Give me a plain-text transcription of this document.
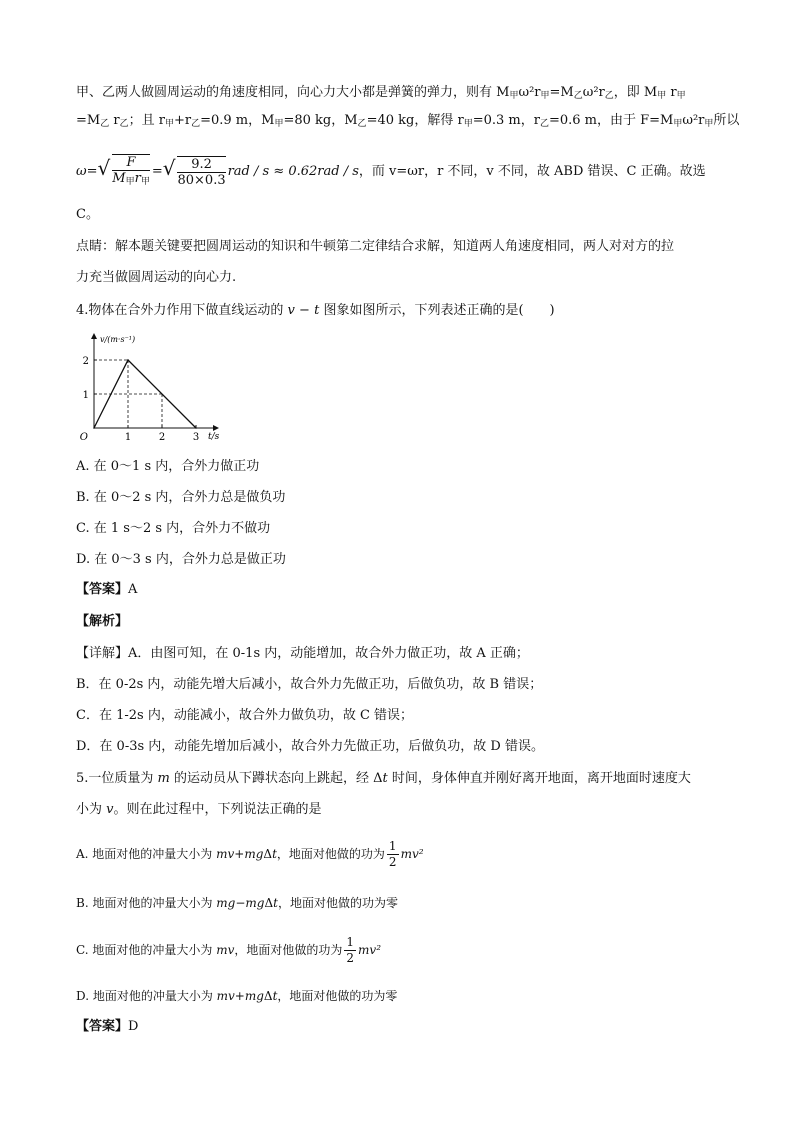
甲、乙两人做圆周运动的角速度相同，向心力大小都是弹簧的弹力，则有 $M_甲\omega^2r_甲=M_乙\omega^2r_乙$，即 $M_甲$ $r_甲$
$=M_乙$ $r_乙$；且 $r_甲+r_乙=0.9$ m，$M_甲=80$ kg，$M_乙=40$ kg，解得 $r_甲=0.3$ m，$r_乙=0.6$ m，由于 $F=M_甲\omega^2r_甲$所以
$\omega=√ \frac{F}{M_甲r_甲}$ =√ $\frac{9.2}{80\times 0.3}$ rad / s ≈ 0.62rad / s，而 v=ωr，r 不同，v 不同，故 ABD 错误、C 正确。故选
C。
点睛：解本题关键要把圆周运动的知识和牛顿第二定律结合求解，知道两人角速度相同，两人对对方的拉
力充当做圆周运动的向心力.
4.物体在合外力作用下做直线运动的 v − t 图象如图所示，下列表述正确的是(　　)
1	2	3
1
2
O	t/s
v/(m·s⁻¹)
A. 在 0～1 s 内，合外力做正功
B. 在 0～2 s 内，合外力总是做负功
C. 在 1 s～2 s 内，合外力不做功
D. 在 0～3 s 内，合外力总是做正功
【答案】A
【解析】
【详解】A．由图可知，在 0-1s 内，动能增加，故合外力做正功，故 A 正确；
B．在 0-2s 内，动能先增大后减小，故合外力先做正功，后做负功，故 B 错误；
C．在 1-2s 内，动能减小，故合外力做负功，故 C 错误；
D．在 0-3s 内，动能先增加后减小，故合外力先做正功，后做负功，故 D 错误。
5.一位质量为 m 的运动员从下蹲状态向上跳起，经 Δt 时间，身体伸直并刚好离开地面，离开地面时速度大
小为 v。则在此过程中，下列说法正确的是
A. 地面对他的冲量大小为 mv+mgΔt，地面对他做的功为 $\frac{1}{2} mv^2$
B. 地面对他的冲量大小为 mg−mgΔt，地面对他做的功为零
C. 地面对他的冲量大小为 mv，地面对他做的功为 $\frac{1}{2} mv^2$
D. 地面对他的冲量大小为 mv+mgΔt，地面对他做的功为零
【答案】D
